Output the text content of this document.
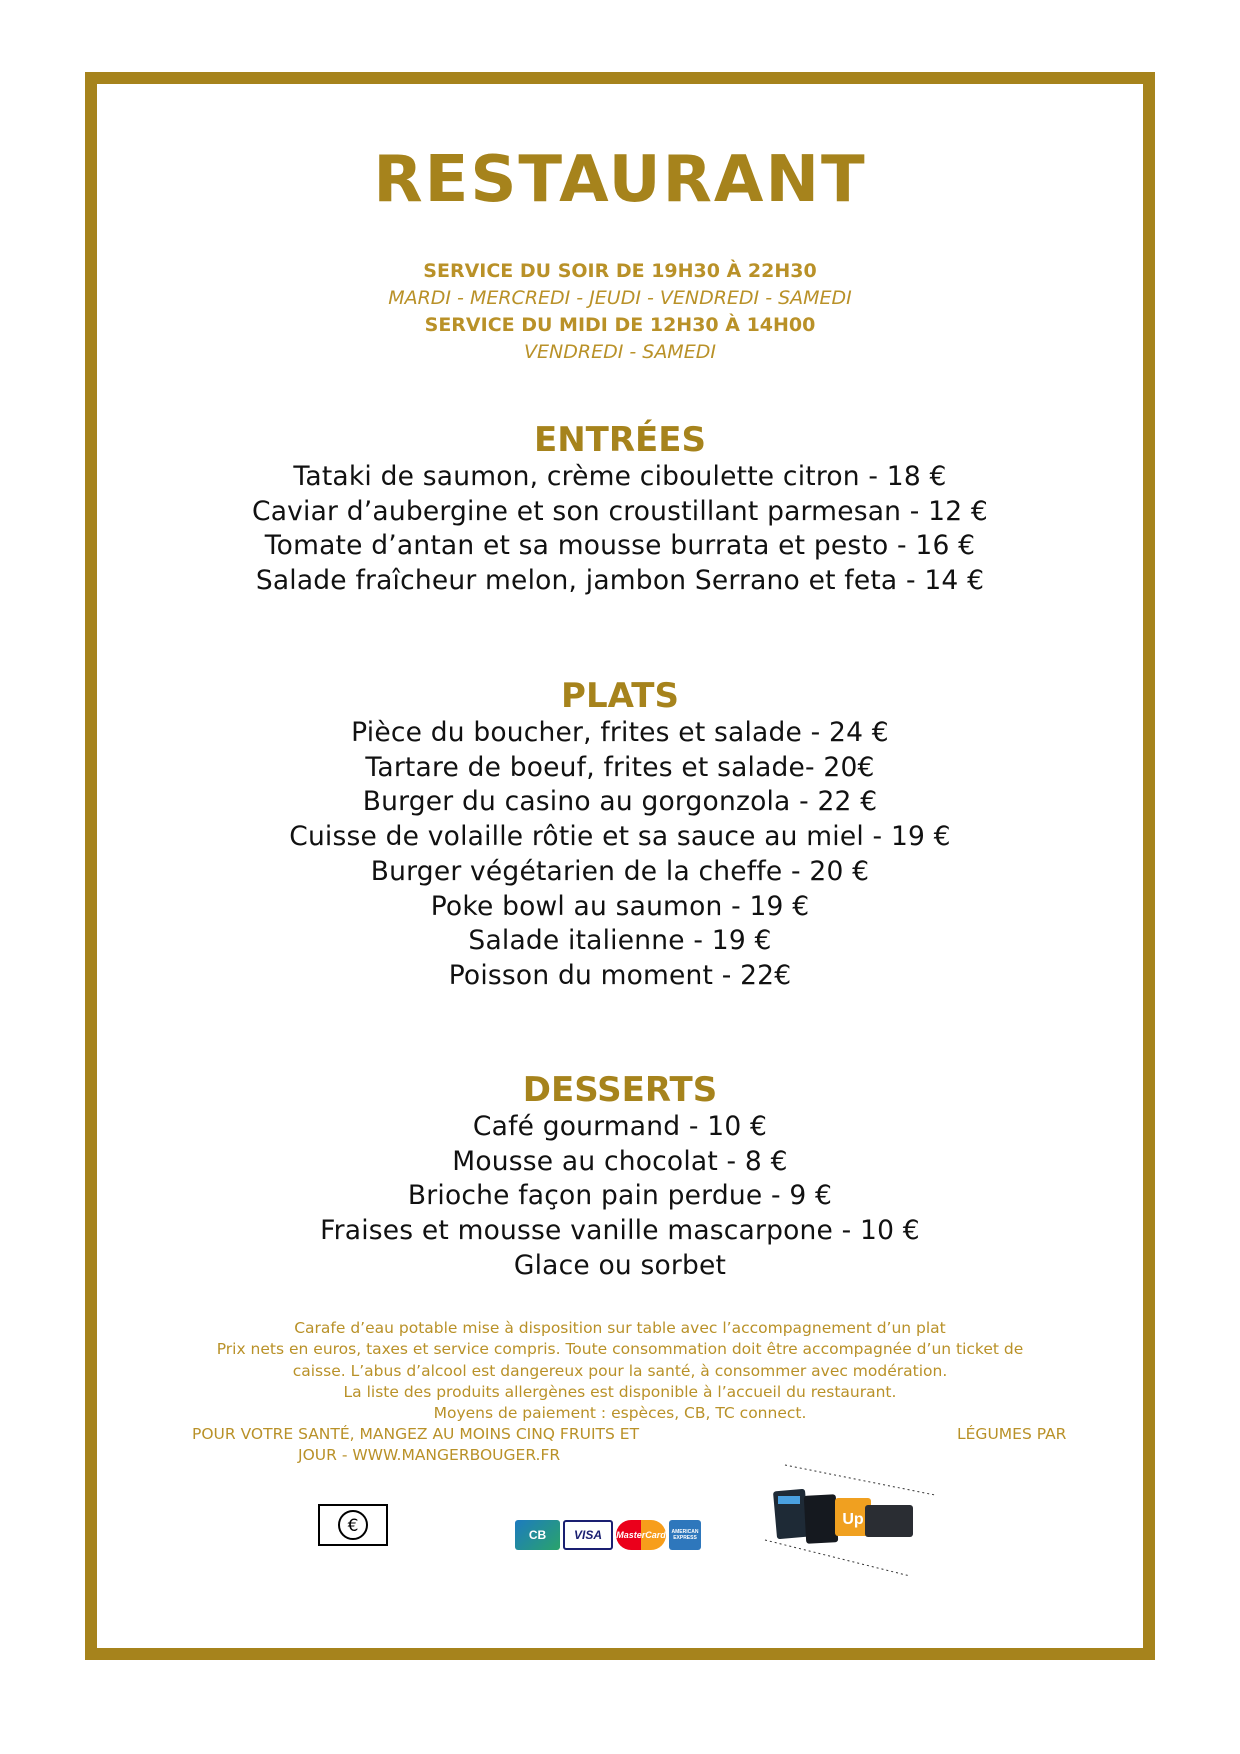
RESTAURANT
SERVICE DU SOIR DE 19H30 À 22H30
MARDI - MERCREDI - JEUDI - VENDREDI - SAMEDI
SERVICE DU MIDI DE 12H30 À 14H00
VENDREDI - SAMEDI
ENTRÉES
Tataki de saumon, crème ciboulette citron - 18 €
Caviar d’aubergine et son croustillant parmesan - 12 €
Tomate d’antan et sa mousse burrata et pesto - 16 €
Salade fraîcheur melon, jambon Serrano et feta - 14 €
PLATS
Pièce du boucher, frites et salade - 24 €
Tartare de boeuf, frites et salade- 20€
Burger du casino au gorgonzola - 22 €
Cuisse de volaille rôtie et sa sauce au miel - 19 €
Burger végétarien de la cheffe - 20 €
Poke bowl au saumon - 19 €
Salade italienne - 19 €
Poisson du moment - 22€
DESSERTS
Café gourmand - 10 €
Mousse au chocolat - 8 €
Brioche façon pain perdue - 9 €
Fraises et mousse vanille mascarpone - 10 €
Glace ou sorbet
Carafe d’eau potable mise à disposition sur table avec l’accompagnement d’un plat
Prix nets en euros, taxes et service compris. Toute consommation doit être accompagnée d’un ticket de
caisse. L’abus d’alcool est dangereux pour la santé, à consommer avec modération.
La liste des produits allergènes est disponible à l’accueil du restaurant.
Moyens de paiement : espèces, CB, TC connect.
POUR VOTRE SANTÉ, MANGEZ AU MOINS CINQ FRUITS ET	LÉGUMES PAR
JOUR - WWW.MANGERBOUGER.FR
€	CB	VISA	MasterCard	AMERICAN EXPRESS
Up
